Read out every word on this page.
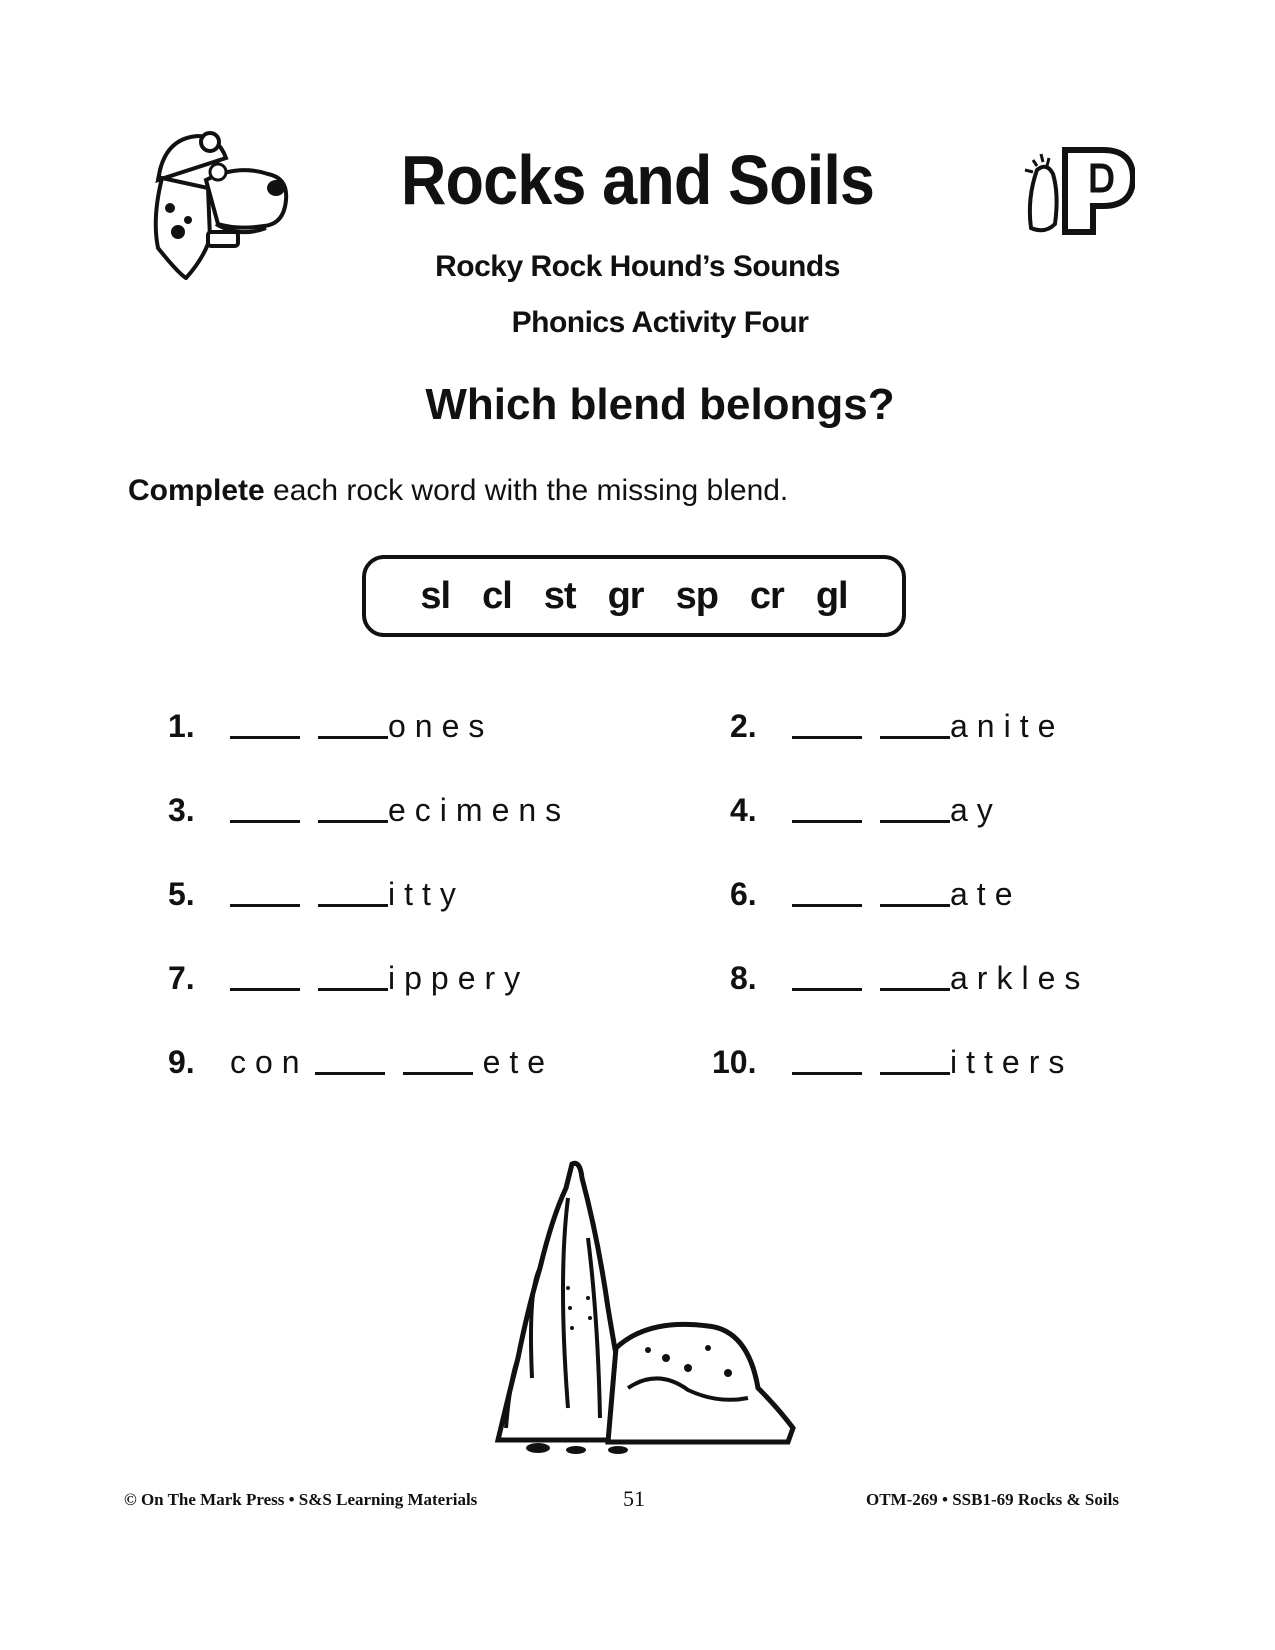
Rocks and Soils
Rocky Rock Hound’s Sounds
Phonics Activity Four
Which blend belongs?
Complete each rock word with the missing blend.
sl cl st gr sp cr gl
1.	ones	2.	anite
3.	ecimens	4.	ay
5.	itty	6.	ate
7.	ippery	8.	arkles
9.	con	ete	10.	itters
© On The Mark Press • S&S Learning Materials	51	OTM-269 • SSB1-69 Rocks & Soils
